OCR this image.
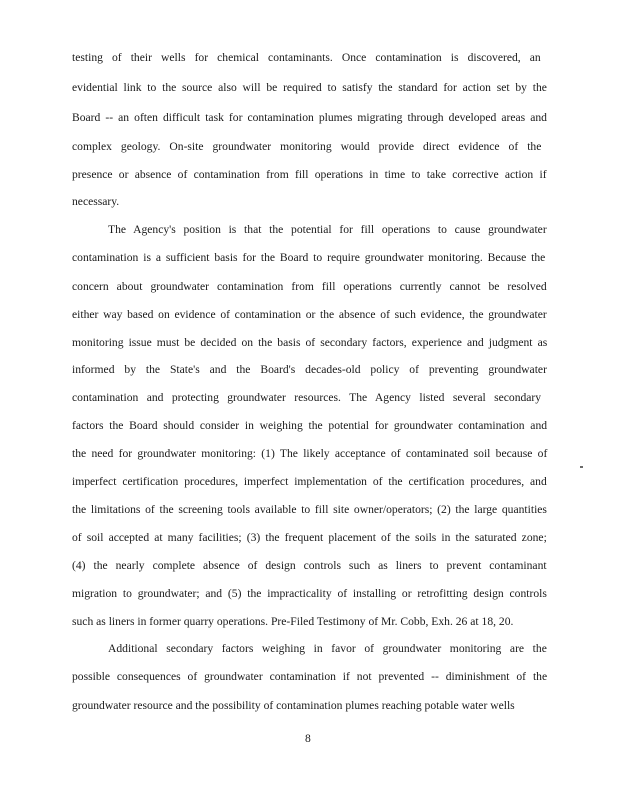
testing of their wells for chemical contaminants. Once contamination is discovered, an
evidential link to the source also will be required to satisfy the standard for action set by the
Board -- an often difficult task for contamination plumes migrating through developed areas and
complex geology. On-site groundwater monitoring would provide direct evidence of the
presence or absence of contamination from fill operations in time to take corrective action if
necessary.
The Agency's position is that the potential for fill operations to cause groundwater
contamination is a sufficient basis for the Board to require groundwater monitoring. Because the
concern about groundwater contamination from fill operations currently cannot be resolved
either way based on evidence of contamination or the absence of such evidence, the groundwater
monitoring issue must be decided on the basis of secondary factors, experience and judgment as
informed by the State's and the Board's decades-old policy of preventing groundwater
contamination and protecting groundwater resources. The Agency listed several secondary
factors the Board should consider in weighing the potential for groundwater contamination and
the need for groundwater monitoring: (1) The likely acceptance of contaminated soil because of
imperfect certification procedures, imperfect implementation of the certification procedures, and
the limitations of the screening tools available to fill site owner/operators; (2) the large quantities
of soil accepted at many facilities; (3) the frequent placement of the soils in the saturated zone;
(4) the nearly complete absence of design controls such as liners to prevent contaminant
migration to groundwater; and (5) the impracticality of installing or retrofitting design controls
such as liners in former quarry operations. Pre-Filed Testimony of Mr. Cobb, Exh. 26 at 18, 20.
Additional secondary factors weighing in favor of groundwater monitoring are the
possible consequences of groundwater contamination if not prevented -- diminishment of the
groundwater resource and the possibility of contamination plumes reaching potable water wells
8
